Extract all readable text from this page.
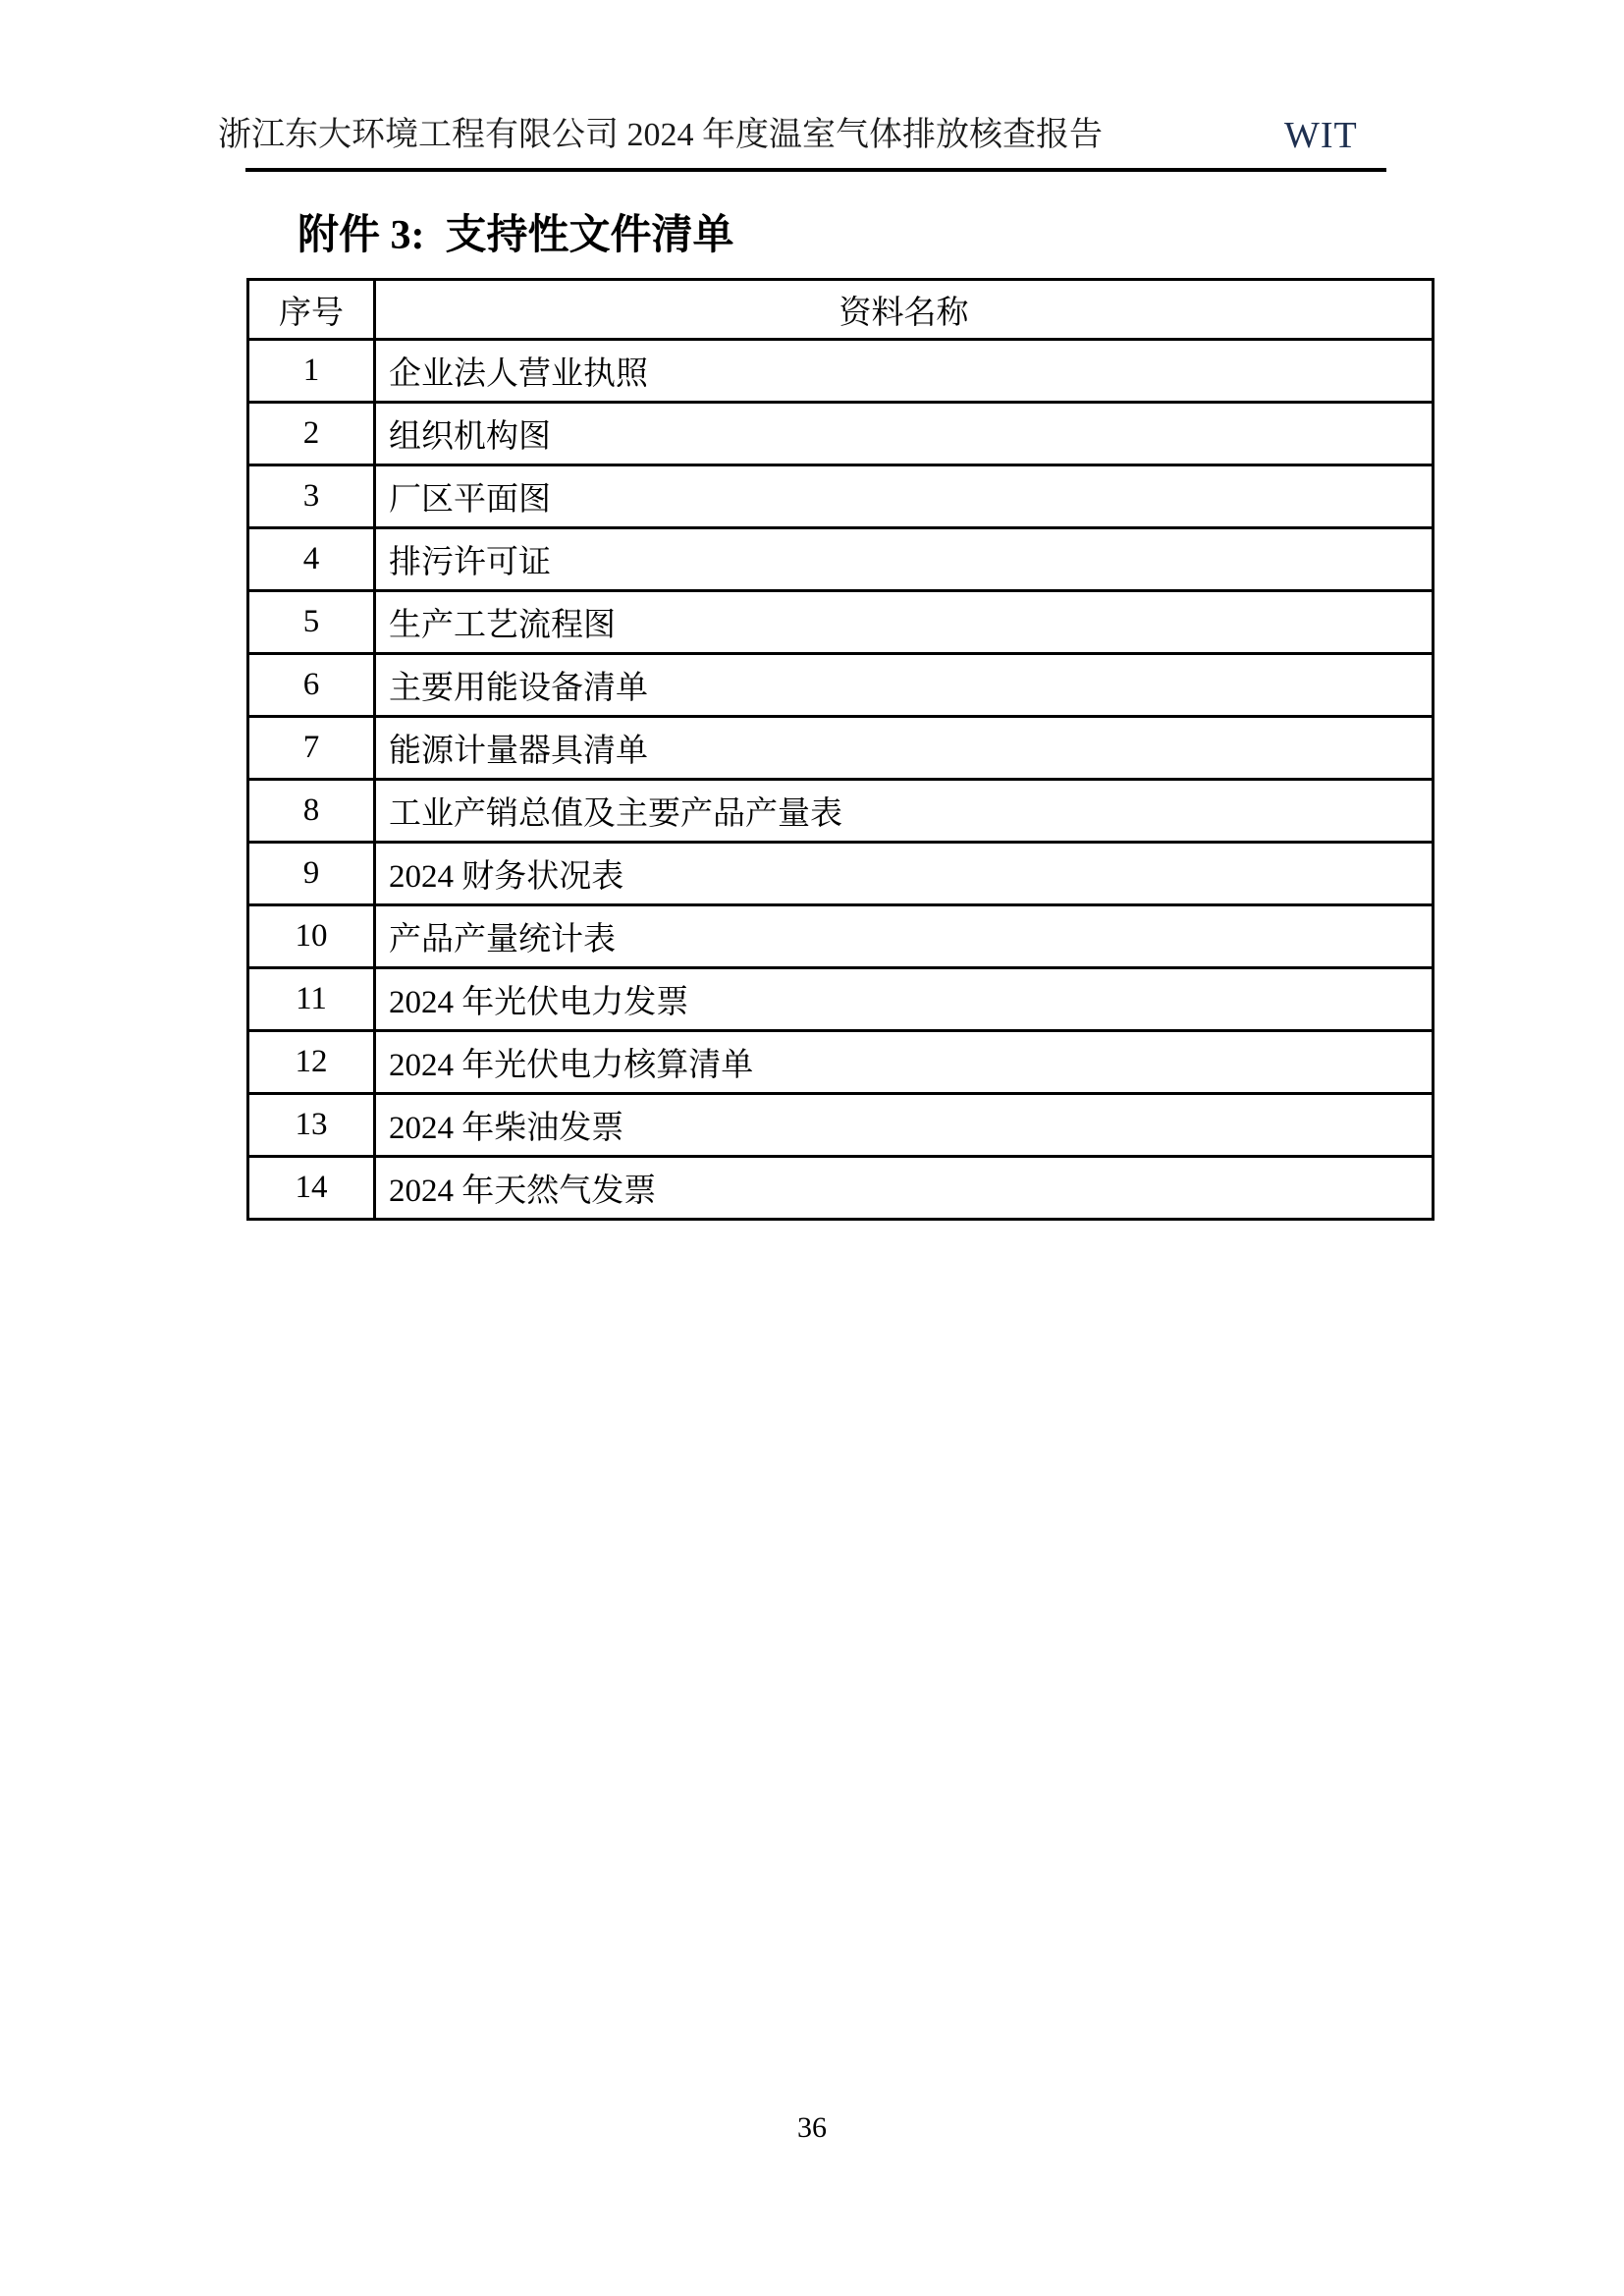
浙江东大环境工程有限公司 2024 年度温室气体排放核查报告	WIT
附件 3:  支持性文件清单
序号	资料名称
1	企业法人营业执照
2	组织机构图
3	厂区平面图
4	排污许可证
5	生产工艺流程图
6	主要用能设备清单
7	能源计量器具清单
8	工业产销总值及主要产品产量表
9	2024 财务状况表
10	产品产量统计表
11	2024 年光伏电力发票
12	2024 年光伏电力核算清单
13	2024 年柴油发票
14	2024 年天然气发票
36
